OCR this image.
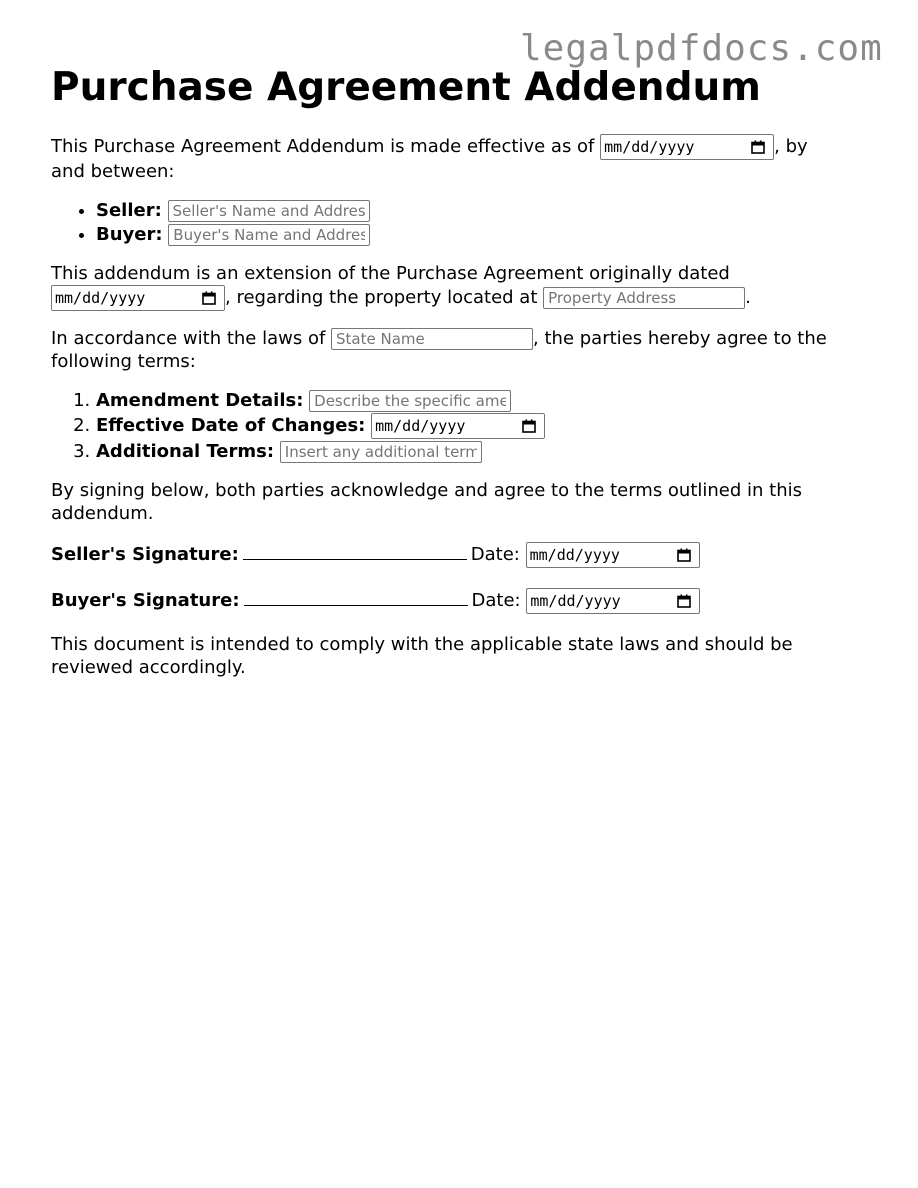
legalpdfdocs.com
Purchase Agreement Addendum

This Purchase Agreement Addendum is made effective as of mm/dd/yyyy	, by and between:

• Seller: Seller's Name and Address
• Buyer: Buyer's Name and Address

This addendum is an extension of the Purchase Agreement originally dated
mm/dd/yyyy	, regarding the property located at Property Address	.

In accordance with the laws of State Name	, the parties hereby agree to the following terms:

1. Amendment Details: Describe the specific amendments
2. Effective Date of Changes: mm/dd/yyyy
3. Additional Terms: Insert any additional terms

By signing below, both parties acknowledge and agree to the terms outlined in this addendum.

Seller's Signature:	Date: mm/dd/yyyy

Buyer's Signature:	Date: mm/dd/yyyy

This document is intended to comply with the applicable state laws and should be reviewed accordingly.
